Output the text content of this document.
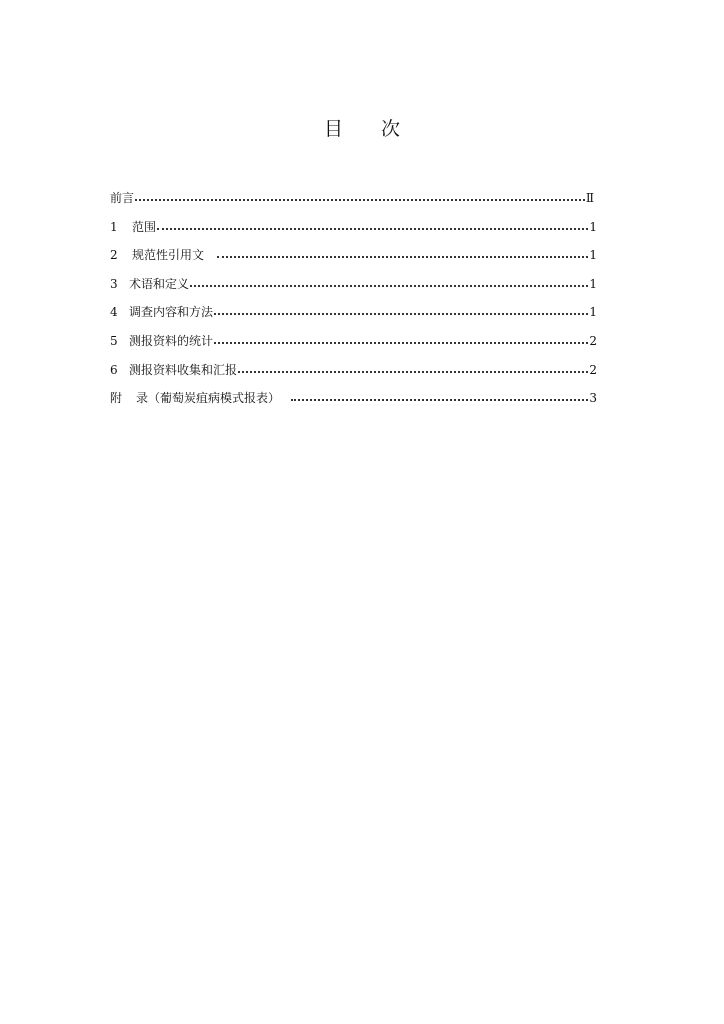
目 次
前言	Ⅱ
1	范围	1
2	规范性引用文	1
3 术语和定义	1
4 调查内容和方法	1
5 测报资料的统计	2
6 测报资料收集和汇报	2
附	录（葡萄炭疽病模式报表）	3
